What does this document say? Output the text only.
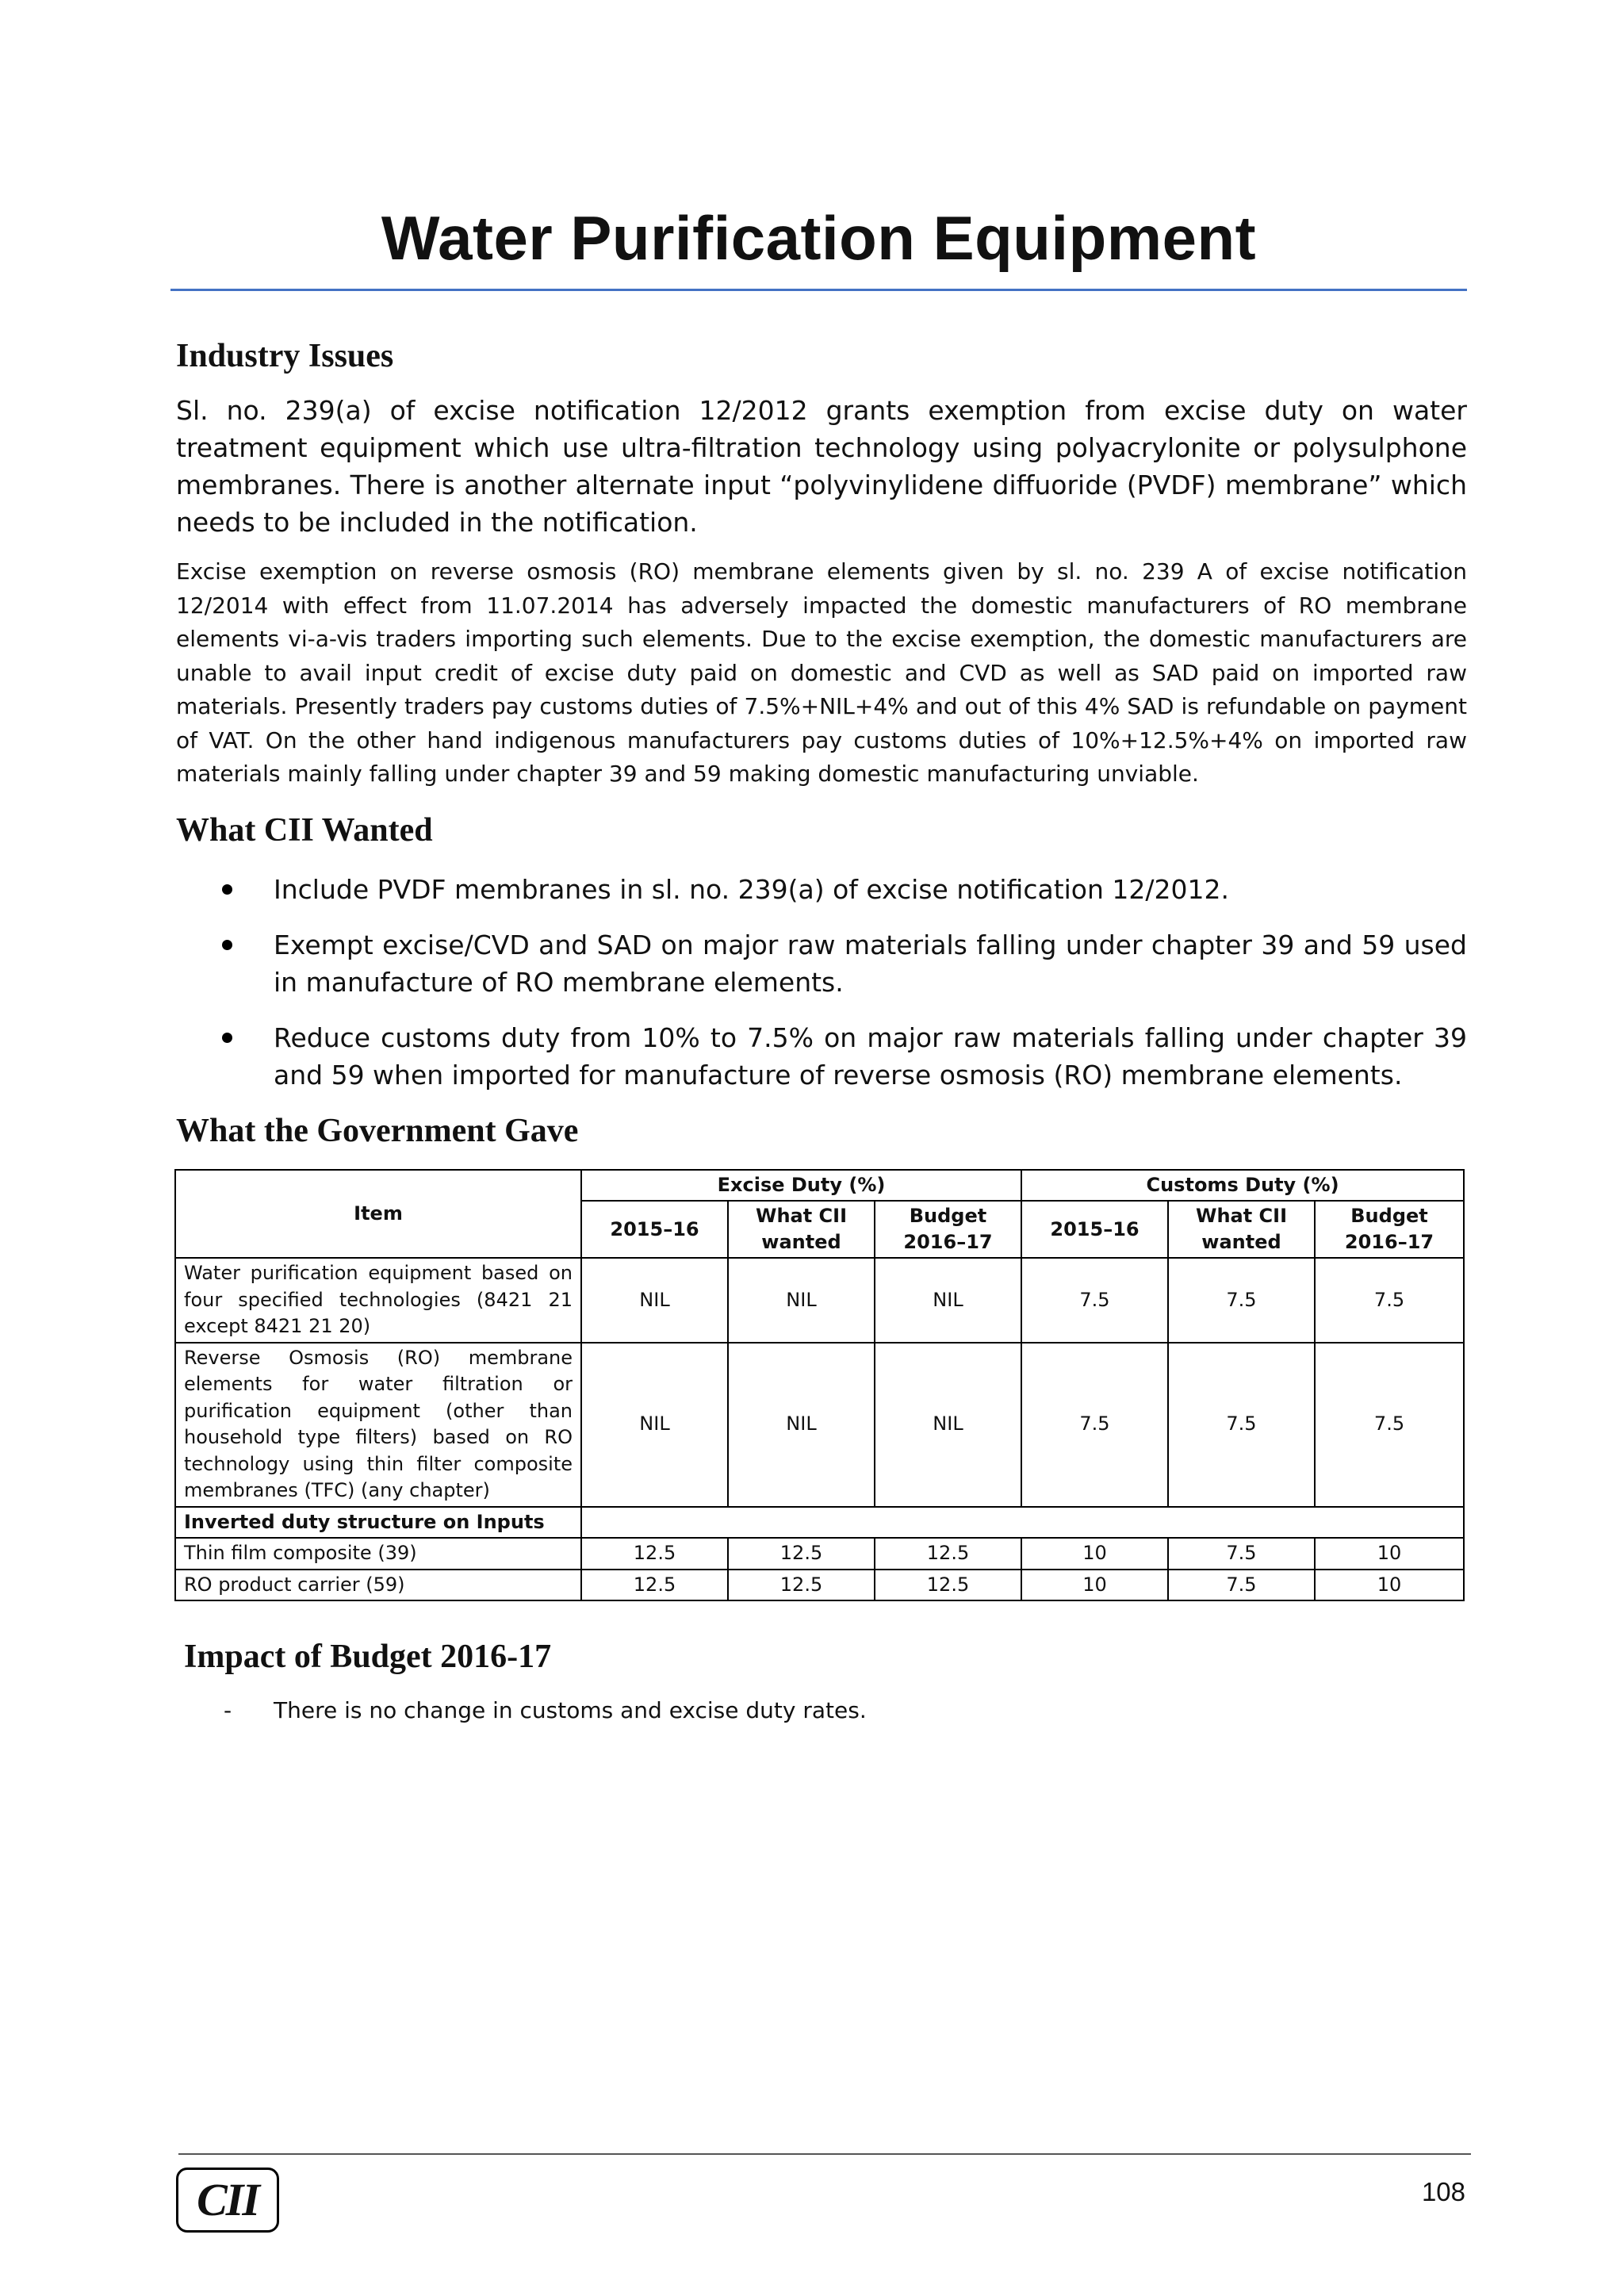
Water Purification Equipment
Industry Issues
Sl. no. 239(a) of excise notification 12/2012 grants exemption from excise duty on water treatment equipment which use ultra-filtration technology using polyacrylonite or polysulphone membranes. There is another alternate input “polyvinylidene diffuoride (PVDF) membrane” which needs to be included in the notification.
Excise exemption on reverse osmosis (RO) membrane elements given by sl. no. 239 A of excise notification 12/2014 with effect from 11.07.2014 has adversely impacted the domestic manufacturers of RO membrane elements vi-a-vis traders importing such elements. Due to the excise exemption, the domestic manufacturers are unable to avail input credit of excise duty paid on domestic and CVD as well as SAD paid on imported raw materials. Presently traders pay customs duties of 7.5%+NIL+4% and out of this 4% SAD is refundable on payment of VAT. On the other hand indigenous manufacturers pay customs duties of 10%+12.5%+4% on imported raw materials mainly falling under chapter 39 and 59 making domestic manufacturing unviable.
What CII Wanted
Include PVDF membranes in sl. no. 239(a) of excise notification 12/2012.
Exempt excise/CVD and SAD on major raw materials falling under chapter 39 and 59 used in manufacture of RO membrane elements.
Reduce customs duty from 10% to 7.5% on major raw materials falling under chapter 39 and 59 when imported for manufacture of reverse osmosis (RO) membrane elements.
What the Government Gave
Item	Excise Duty (%)			Customs Duty (%)		
	2015–16	What CII wanted	Budget 2016–17	2015–16	What CII wanted	Budget 2016–17
Water purification equipment based on four specified technologies (8421 21 except 8421 21 20)	NIL	NIL	NIL	7.5	7.5	7.5
Reverse Osmosis (RO) membrane elements for water filtration or purification equipment (other than household type filters) based on RO technology using thin filter composite membranes (TFC) (any chapter)	NIL	NIL	NIL	7.5	7.5	7.5
Inverted duty structure on Inputs						
Thin film composite (39)	12.5	12.5	12.5	10	7.5	10
RO product carrier (59)	12.5	12.5	12.5	10	7.5	10
Impact of Budget 2016-17
- There is no change in customs and excise duty rates.
CII	108
